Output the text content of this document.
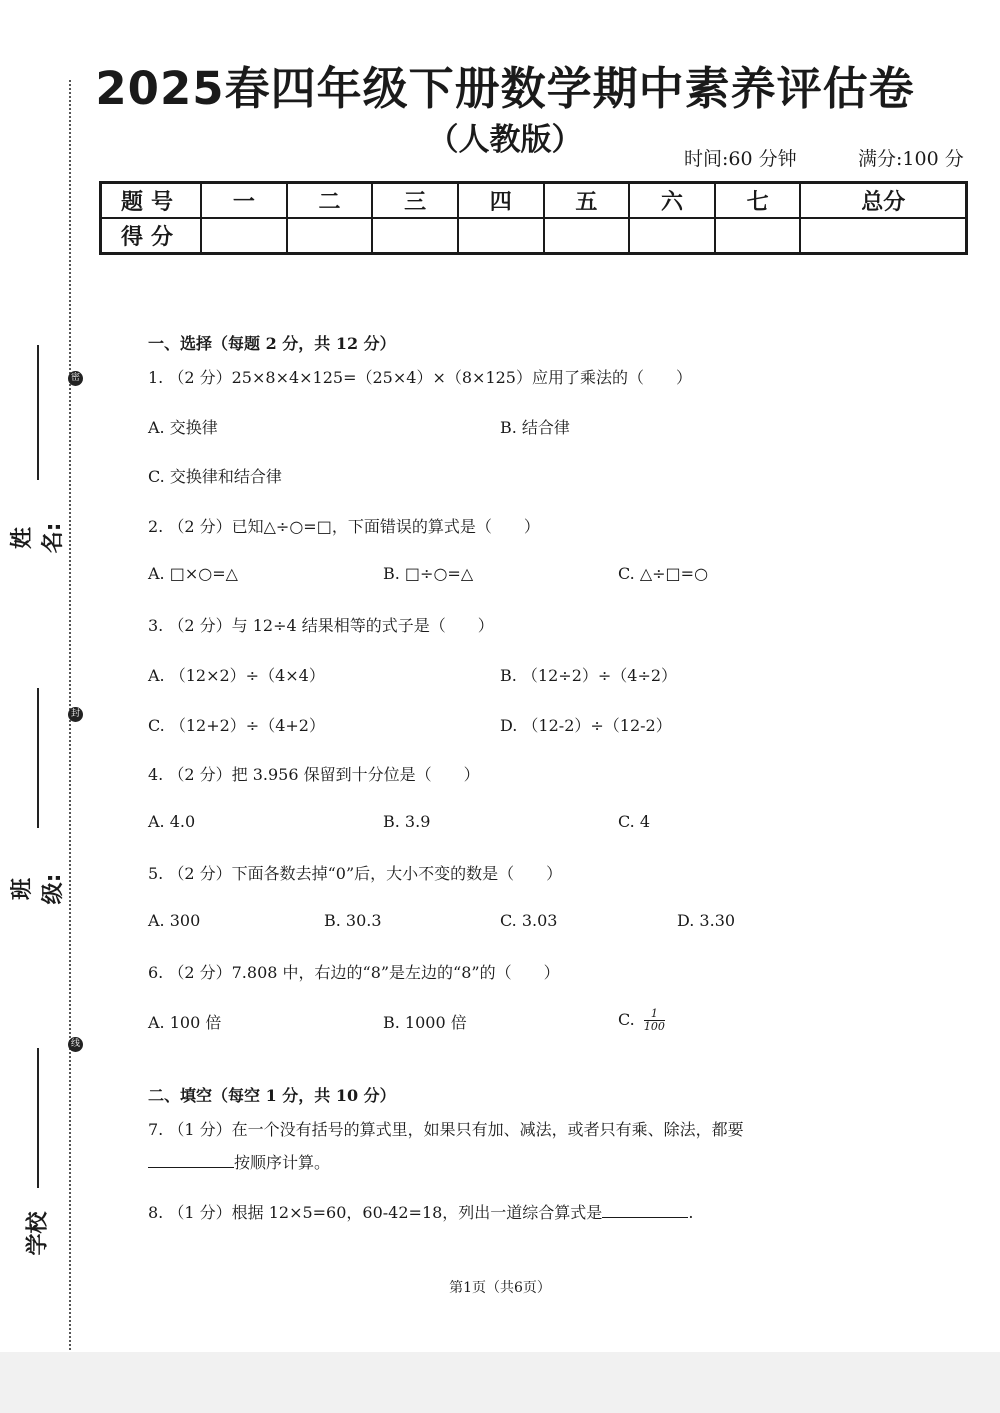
2025春四年级下册数学期中素养评估卷
（人教版）
时间:60 分钟	满分:100 分
题号	一	二	三	四	五	六	七	总分
得分								
密
封
线
姓名:
班级:
学校
一、选择（每题 2 分，共 12 分）
1. （2 分）25×8×4×125=（25×4）×（8×125）应用了乘法的（　　）
A. 交换律	B. 结合律
C. 交换律和结合律
2. （2 分）已知△÷○=□，下面错误的算式是（　　）
A. □×○=△	B. □÷○=△	C. △÷□=○
3. （2 分）与 12÷4 结果相等的式子是（　　）
A. （12×2）÷（4×4）	B. （12÷2）÷（4÷2）
C. （12+2）÷（4+2）	D. （12-2）÷（12-2）
4. （2 分）把 3.956 保留到十分位是（　　）
A. 4.0	B. 3.9	C. 4
5. （2 分）下面各数去掉“0”后，大小不变的数是（　　）
A. 300	B. 30.3	C. 3.03	D. 3.30
6. （2 分）7.808 中，右边的“8”是左边的“8”的（　　）
A. 100 倍	B. 1000 倍	C. $\frac{1}{100}$
二、填空（每空 1 分，共 10 分）
7. （1 分）在一个没有括号的算式里，如果只有加、减法，或者只有乘、除法，都要
按顺序计算。
8. （1 分）根据 12×5=60，60-42=18，列出一道综合算式是	.
第1页（共6页）
